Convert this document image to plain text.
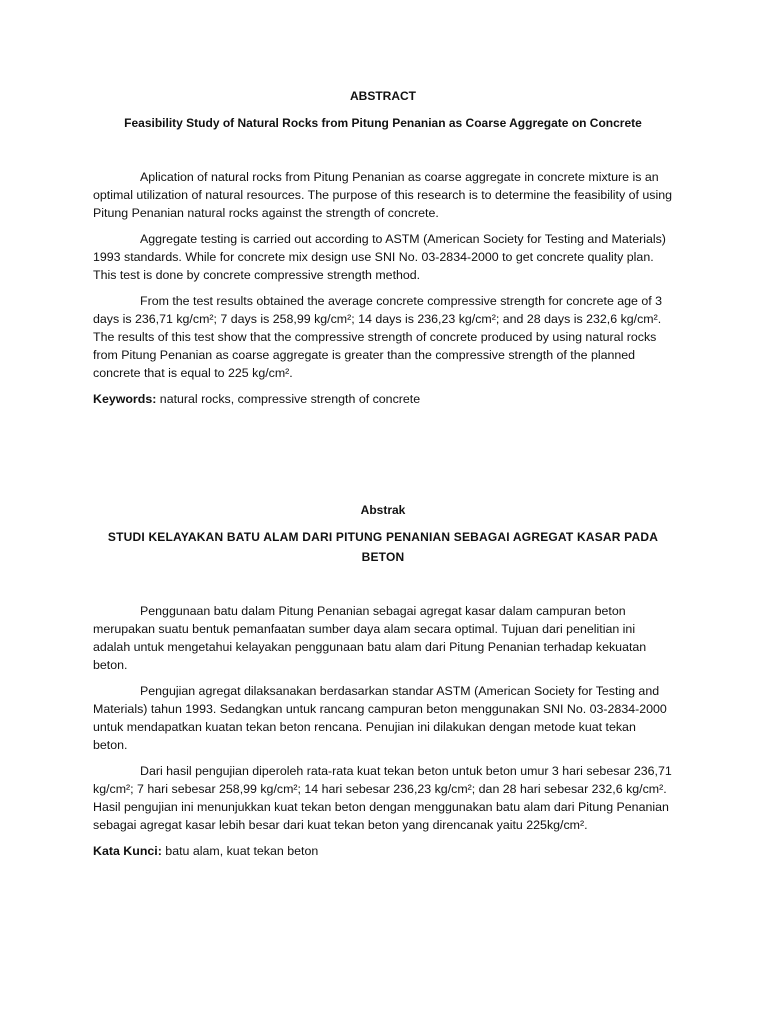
ABSTRACT
Feasibility Study of Natural Rocks from Pitung Penanian as Coarse Aggregate on Concrete

Aplication of natural rocks from Pitung Penanian as coarse aggregate in concrete mixture is an optimal utilization of natural resources. The purpose of this research is to determine the feasibility of using Pitung Penanian natural rocks against the strength of concrete.

Aggregate testing is carried out according to ASTM (American Society for Testing and Materials) 1993 standards. While for concrete mix design use SNI No. 03-2834-2000 to get concrete quality plan. This test is done by concrete compressive strength method.

From the test results obtained the average concrete compressive strength for concrete age of 3 days is 236,71 kg/cm²; 7 days is 258,99 kg/cm²; 14 days is 236,23 kg/cm²; and 28 days is 232,6 kg/cm². The results of this test show that the compressive strength of concrete produced by using natural rocks from Pitung Penanian as coarse aggregate is greater than the compressive strength of the planned concrete that is equal to 225 kg/cm².

Keywords: natural rocks, compressive strength of concrete

Abstrak
STUDI KELAYAKAN BATU ALAM DARI PITUNG PENANIAN SEBAGAI AGREGAT KASAR PADA BETON

Penggunaan batu dalam Pitung Penanian sebagai agregat kasar dalam campuran beton merupakan suatu bentuk pemanfaatan sumber daya alam secara optimal. Tujuan dari penelitian ini adalah untuk mengetahui kelayakan penggunaan batu alam dari Pitung Penanian terhadap kekuatan beton.

Pengujian agregat dilaksanakan berdasarkan standar ASTM (American Society for Testing and Materials) tahun 1993. Sedangkan untuk rancang campuran beton menggunakan SNI No. 03-2834-2000 untuk mendapatkan kuatan tekan beton rencana. Penujian ini dilakukan dengan metode kuat tekan beton.

Dari hasil pengujian diperoleh rata-rata kuat tekan beton untuk beton umur 3 hari sebesar 236,71 kg/cm²; 7 hari sebesar 258,99 kg/cm²; 14 hari sebesar 236,23 kg/cm²; dan 28 hari sebesar 232,6 kg/cm². Hasil pengujian ini menunjukkan kuat tekan beton dengan menggunakan batu alam dari Pitung Penanian sebagai agregat kasar lebih besar dari kuat tekan beton yang direncanak yaitu 225kg/cm².

Kata Kunci: batu alam, kuat tekan beton
